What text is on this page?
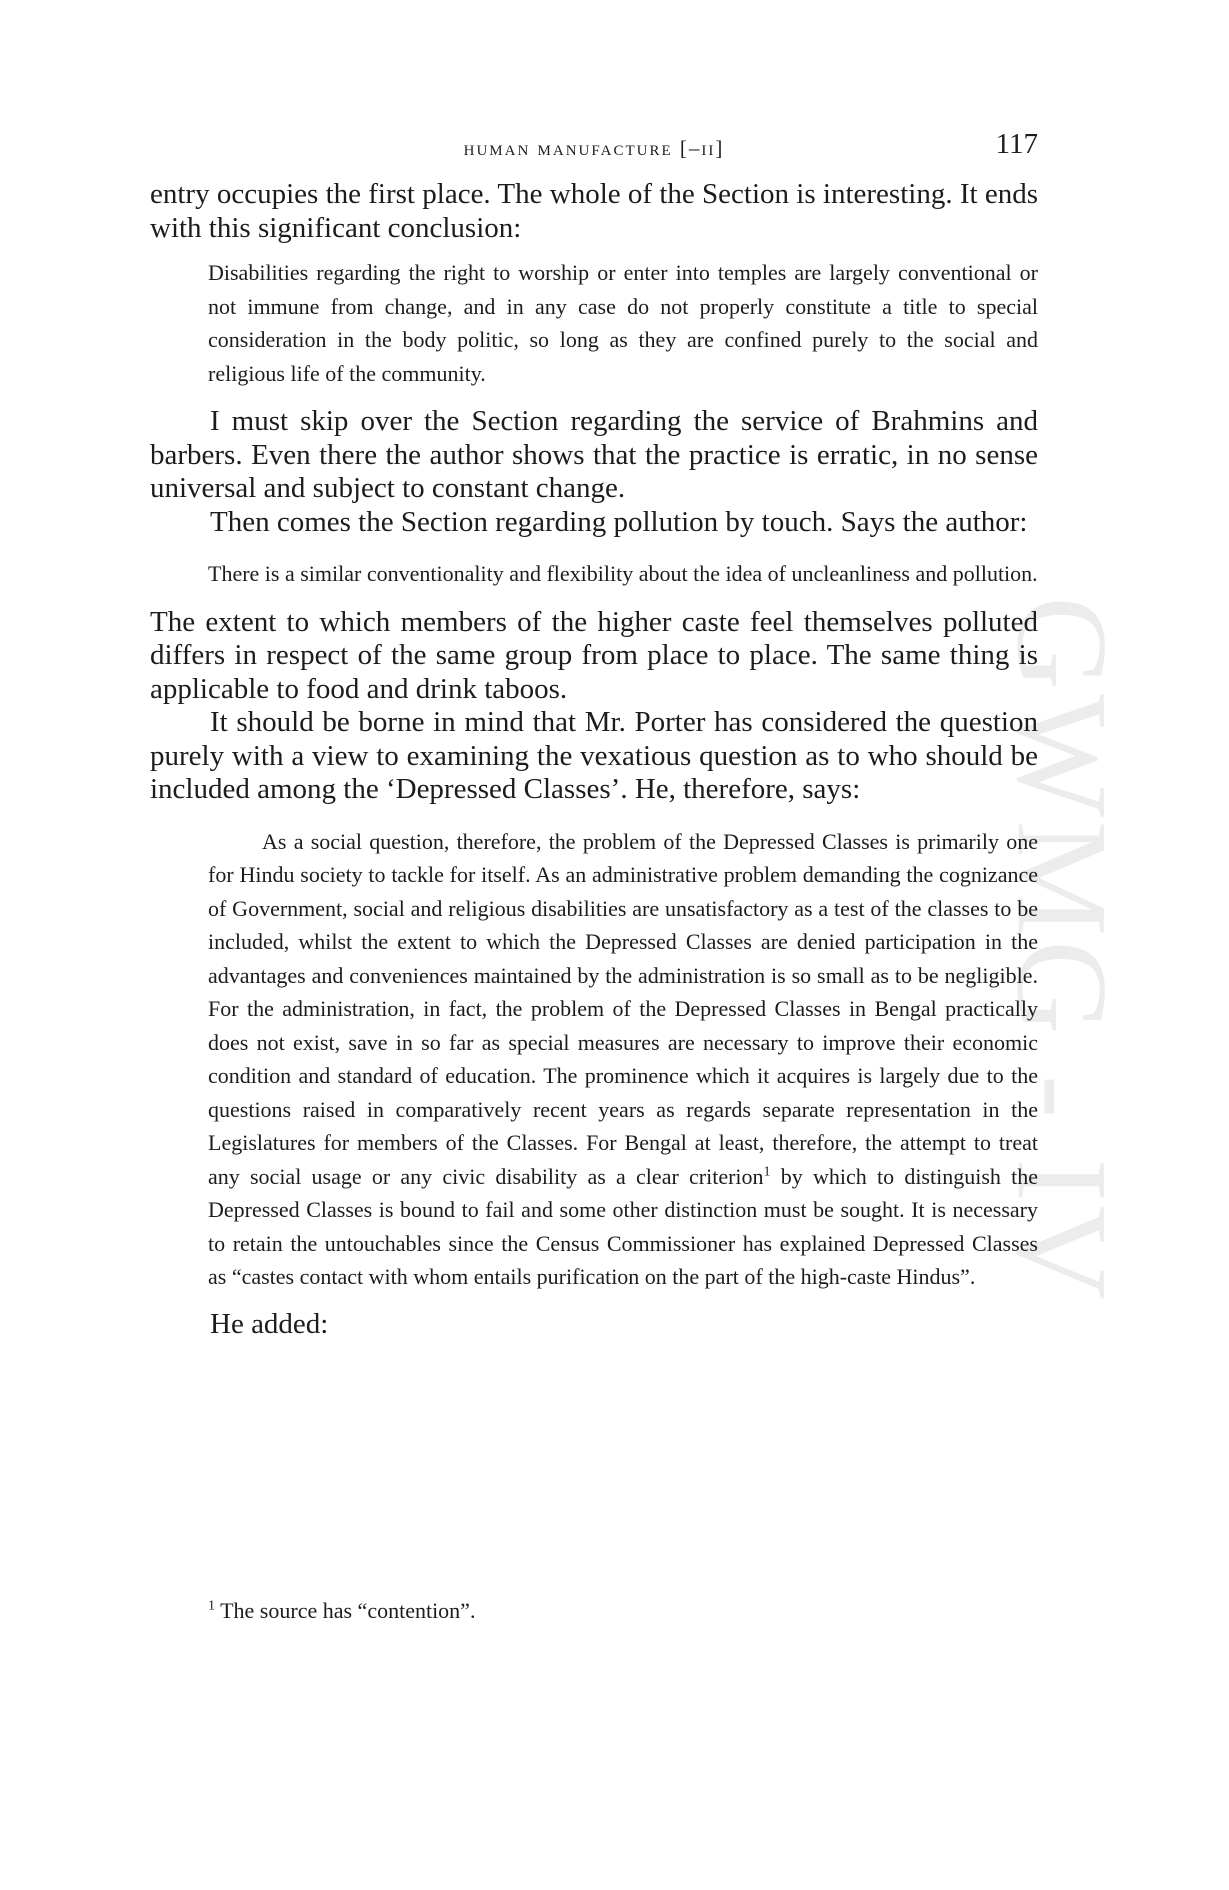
GWMG - IV
human manufacture [–ii]	117

entry occupies the first place. The whole of the Section is interesting. It ends with this significant conclusion:

Disabilities regarding the right to worship or enter into temples are largely conventional or not immune from change, and in any case do not properly constitute a title to special consideration in the body politic, so long as they are confined purely to the social and religious life of the community.

I must skip over the Section regarding the service of Brahmins and barbers. Even there the author shows that the practice is erratic, in no sense universal and subject to constant change.

Then comes the Section regarding pollution by touch. Says the author:

There is a similar conventionality and flexibility about the idea of uncleanliness and pollution.

The extent to which members of the higher caste feel themselves polluted differs in respect of the same group from place to place. The same thing is applicable to food and drink taboos.

It should be borne in mind that Mr. Porter has considered the question purely with a view to examining the vexatious question as to who should be included among the ‘Depressed Classes’. He, therefore, says:

As a social question, therefore, the problem of the Depressed Classes is primarily one for Hindu society to tackle for itself. As an administrative problem demanding the cognizance of Government, social and religious disabilities are unsatisfactory as a test of the classes to be included, whilst the extent to which the Depressed Classes are denied participation in the advantages and conveniences maintained by the administration is so small as to be negligible. For the administration, in fact, the problem of the Depressed Classes in Bengal practically does not exist, save in so far as special measures are necessary to improve their economic condition and standard of education. The prominence which it acquires is largely due to the questions raised in comparatively recent years as regards separate representation in the Legislatures for members of the Classes. For Bengal at least, therefore, the attempt to treat any social usage or any civic disability as a clear criterion$^1$ by which to distinguish the Depressed Classes is bound to fail and some other distinction must be sought. It is necessary to retain the untouchables since the Census Commissioner has explained Depressed Classes as “castes contact with whom entails purification on the part of the high-caste Hindus”.

He added:

$^1$ The source has “contention”.
